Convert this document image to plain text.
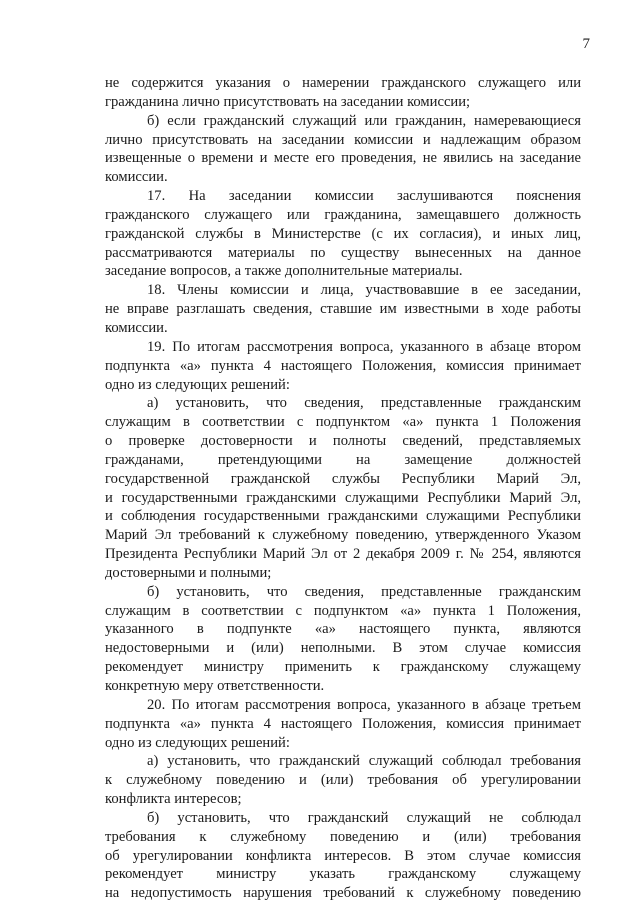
7
не содержится указания о намерении гражданского служащего или
гражданина лично присутствовать на заседании комиссии;
б) если гражданский служащий или гражданин, намеревающиеся
лично присутствовать на заседании комиссии и надлежащим образом
извещенные о времени и месте его проведения, не явились на заседание
комиссии.
17. На заседании комиссии заслушиваются пояснения
гражданского служащего или гражданина, замещавшего должность
гражданской службы в Министерстве (с их согласия), и иных лиц,
рассматриваются материалы по существу вынесенных на данное
заседание вопросов, а также дополнительные материалы.
18. Члены комиссии и лица, участвовавшие в ее заседании,
не вправе разглашать сведения, ставшие им известными в ходе работы
комиссии.
19. По итогам рассмотрения вопроса, указанного в абзаце втором
подпункта «а» пункта 4 настоящего Положения, комиссия принимает
одно из следующих решений:
а) установить, что сведения, представленные гражданским
служащим в соответствии с подпунктом «а» пункта 1 Положения
о проверке достоверности и полноты сведений, представляемых
гражданами, претендующими на замещение должностей
государственной гражданской службы Республики Марий Эл,
и государственными гражданскими служащими Республики Марий Эл,
и соблюдения государственными гражданскими служащими Республики
Марий Эл требований к служебному поведению, утвержденного Указом
Президента Республики Марий Эл от 2 декабря 2009 г. № 254, являются
достоверными и полными;
б) установить, что сведения, представленные гражданским
служащим в соответствии с подпунктом «а» пункта 1 Положения,
указанного в подпункте «а» настоящего пункта, являются
недостоверными и (или) неполными. В этом случае комиссия
рекомендует министру применить к гражданскому служащему
конкретную меру ответственности.
20. По итогам рассмотрения вопроса, указанного в абзаце третьем
подпункта «а» пункта 4 настоящего Положения, комиссия принимает
одно из следующих решений:
а) установить, что гражданский служащий соблюдал требования
к служебному поведению и (или) требования об урегулировании
конфликта интересов;
б) установить, что гражданский служащий не соблюдал
требования к служебному поведению и (или) требования
об урегулировании конфликта интересов. В этом случае комиссия
рекомендует министру указать гражданскому служащему
на недопустимость нарушения требований к служебному поведению
